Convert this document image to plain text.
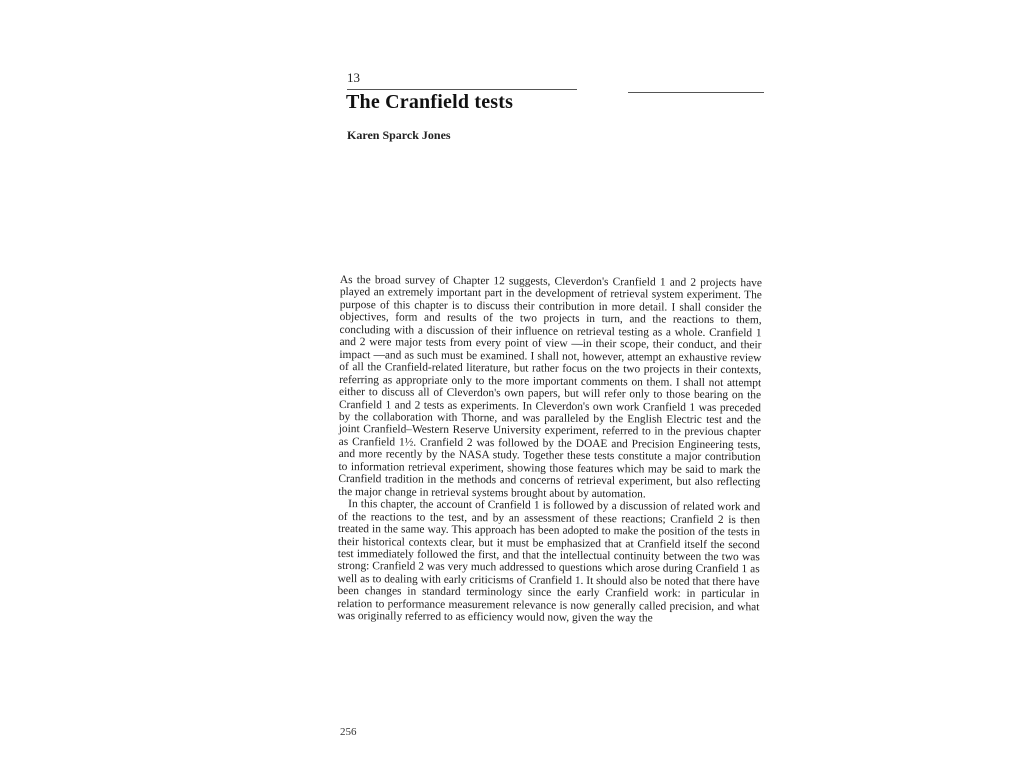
13
The Cranfield tests
Karen Sparck Jones

As the broad survey of Chapter 12 suggests, Cleverdon's Cranfield 1 and 2 projects have played an extremely important part in the development of retrieval system experiment. The purpose of this chapter is to discuss their contribution in more detail. I shall consider the objectives, form and results of the two projects in turn, and the reactions to them, concluding with a discussion of their influence on retrieval testing as a whole. Cranfield 1 and 2 were major tests from every point of view —in their scope, their conduct, and their impact —and as such must be examined. I shall not, however, attempt an exhaustive review of all the Cranfield-related literature, but rather focus on the two projects in their contexts, referring as appropriate only to the more important comments on them. I shall not attempt either to discuss all of Cleverdon's own papers, but will refer only to those bearing on the Cranfield 1 and 2 tests as experiments. In Cleverdon's own work Cranfield 1 was preceded by the collaboration with Thorne, and was paralleled by the English Electric test and the joint Cranfield–Western Reserve University experiment, referred to in the previous chapter as Cranfield 1½. Cranfield 2 was followed by the DOAE and Precision Engineering tests, and more recently by the NASA study. Together these tests constitute a major contribution to information retrieval experiment, showing those features which may be said to mark the Cranfield tradition in the methods and concerns of retrieval experiment, but also reflecting the major change in retrieval systems brought about by automation.

In this chapter, the account of Cranfield 1 is followed by a discussion of related work and of the reactions to the test, and by an assessment of these reactions; Cranfield 2 is then treated in the same way. This approach has been adopted to make the position of the tests in their historical contexts clear, but it must be emphasized that at Cranfield itself the second test immediately followed the first, and that the intellectual continuity between the two was strong: Cranfield 2 was very much addressed to questions which arose during Cranfield 1 as well as to dealing with early criticisms of Cranfield 1. It should also be noted that there have been changes in standard terminology since the early Cranfield work: in particular in relation to performance measurement relevance is now generally called precision, and what was originally referred to as efficiency would now, given the way the

256
